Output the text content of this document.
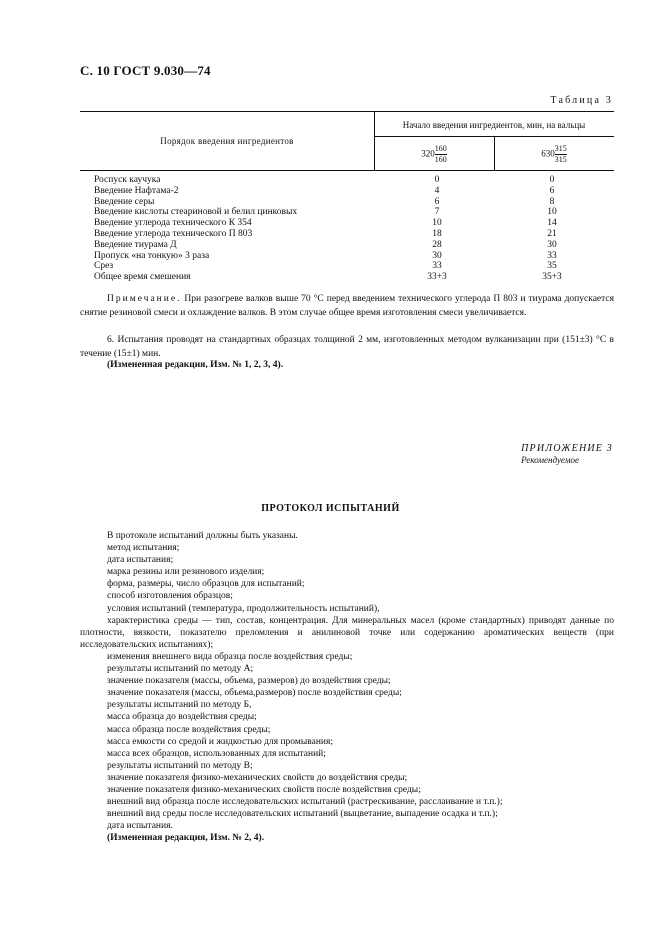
С. 10 ГОСТ 9.030—74
Таблица 3
Порядок введения ингредиентов
Начало введения ингредиентов, мин, на вальцы
$320 \frac{160}{160}$	$630 \frac{315}{315}$
Роспуск каучука	0	0
Введение Нафтама-2	4	6
Введение серы	6	8
Введение кислоты стеариновой и белил цинковых	7	10
Введение углерода технического К 354	10	14
Введение углерода технического П 803	18	21
Введение тиурама Д	28	30
Пропуск «на тонкую» 3 раза	30	33
Срез	33	35
Общее время смешения	33+3	35+3
Примечание. При разогреве валков выше 70 °С перед введением технического углерода П 803 и тиурама допускается снятие резиновой смеси и охлаждение валков. В этом случае общее время изготовления смеси увеличивается.
6. Испытания проводят на стандартных образцах толщиной 2 мм, изготовленных методом вулканизации при (151±3) °С в течение (15±1) мин.
(Измененная редакция, Изм. № 1, 2, 3, 4).
ПРИЛОЖЕНИЕ 3
Рекомендуемое
ПРОТОКОЛ ИСПЫТАНИЙ
В протоколе испытаний должны быть указаны.
метод испытания;
дата испытания;
марка резины или резинового изделия;
форма, размеры, число образцов для испытаний;
способ изготовления образцов;
условия испытаний (температура, продолжительность испытаний),
характеристика среды — тип, состав, концентрация. Для минеральных масел (кроме стандартных) приводят данные по плотности, вязкости, показателю преломления и анилиновой точке или содержанию ароматических веществ (при исследовательских испытаниях);
изменения внешнего вида образца после воздействия среды;
результаты испытаний по методу А;
значение показателя (массы, объема, размеров) до воздействия среды;
значение показателя (массы, объема,размеров) после воздействия среды;
результаты испытаний по методу Б,
масса образца до воздействия среды;
масса образца после воздействия среды;
масса емкости со средой и жидкостью для промывания;
масса всех образцов, использованных для испытаний;
результаты испытаний по методу В;
значение показателя физико-механических свойств до воздействия среды;
значение показателя физико-механических свойств после воздействия среды;
внешний вид образца после исследовательских испытаний (растрескивание, расслаивание и т.п.);
внешний вид среды после исследовательских испытаний (выцветание, выпадение осадка и т.п.);
дата испытания.
(Измененная редакция, Изм. № 2, 4).
